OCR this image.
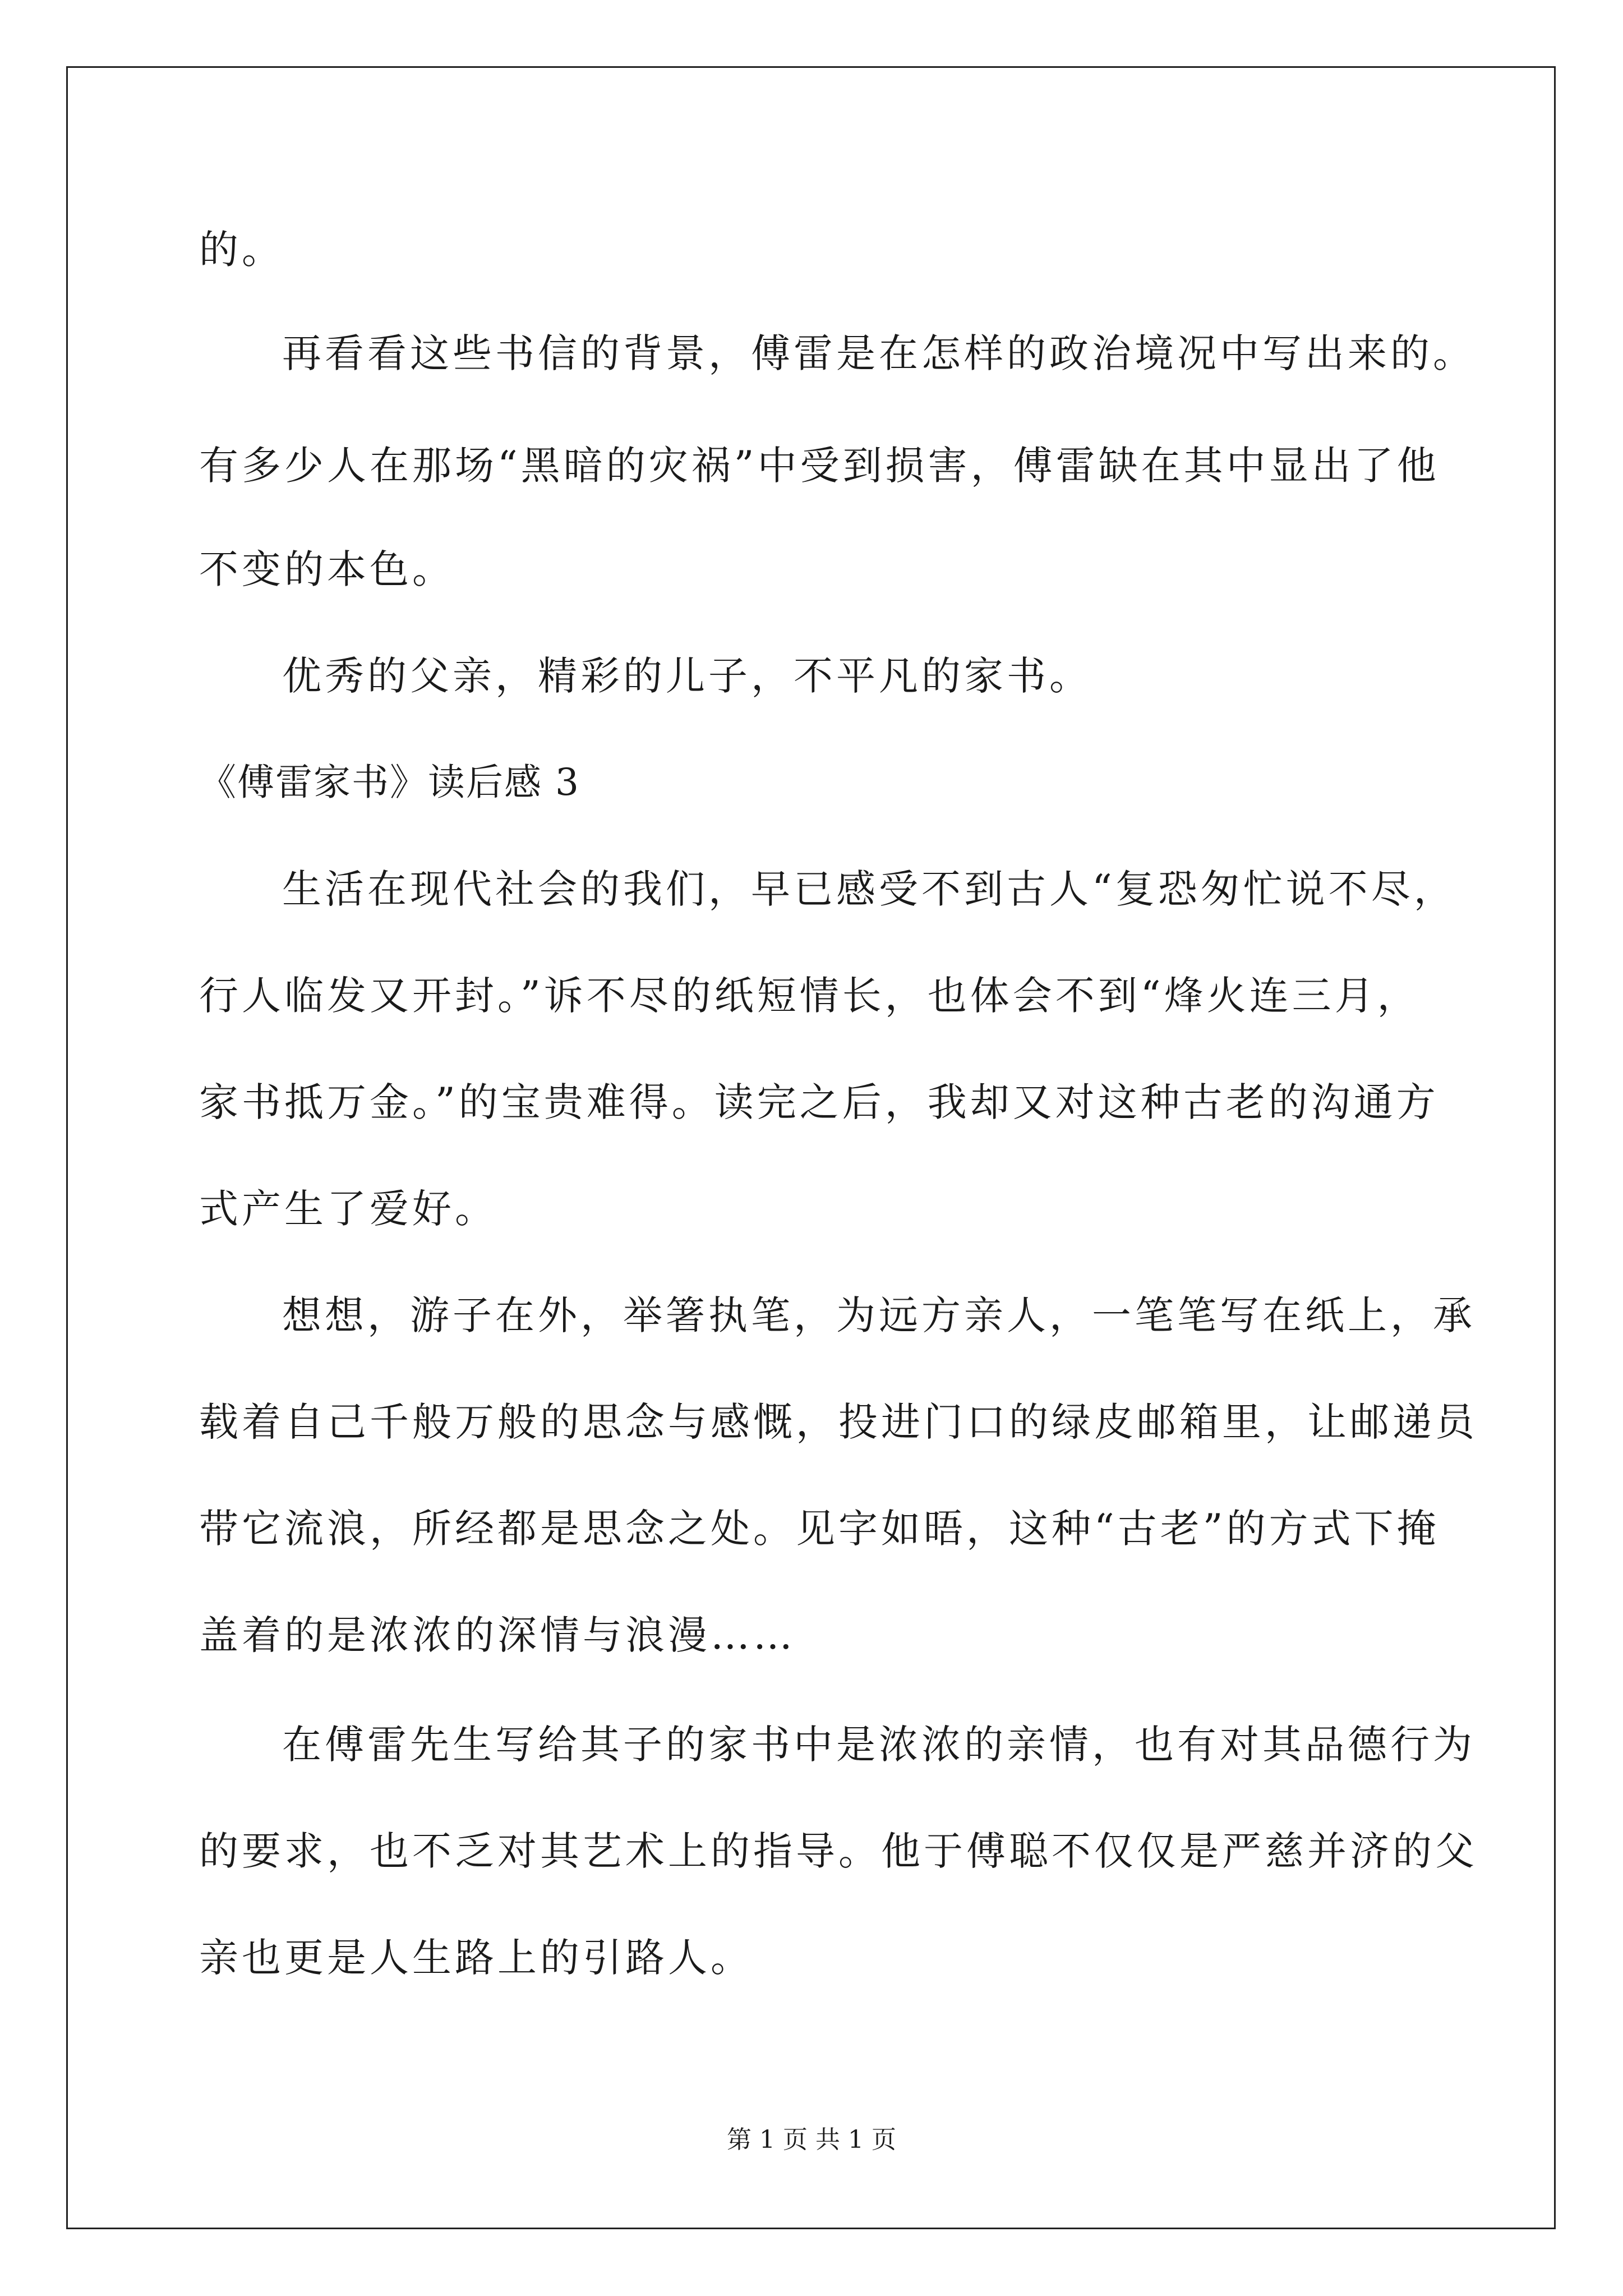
的。
再看看这些书信的背景，傅雷是在怎样的政治境况中写出来的。
有多少人在那场“黑暗的灾祸”中受到损害，傅雷缺在其中显出了他
不变的本色。
优秀的父亲，精彩的儿子，不平凡的家书。
《傅雷家书》读后感 3
生活在现代社会的我们，早已感受不到古人“复恐匆忙说不尽，
行人临发又开封。”诉不尽的纸短情长，也体会不到“烽火连三月，
家书抵万金。”的宝贵难得。读完之后，我却又对这种古老的沟通方
式产生了爱好。
想想，游子在外，举箸执笔，为远方亲人，一笔笔写在纸上，承
载着自己千般万般的思念与感慨，投进门口的绿皮邮箱里，让邮递员
带它流浪，所经都是思念之处。见字如晤，这种“古老”的方式下掩
盖着的是浓浓的深情与浪漫……
在傅雷先生写给其子的家书中是浓浓的亲情，也有对其品德行为
的要求，也不乏对其艺术上的指导。他于傅聪不仅仅是严慈并济的父
亲也更是人生路上的引路人。
第 1 页 共 1 页
